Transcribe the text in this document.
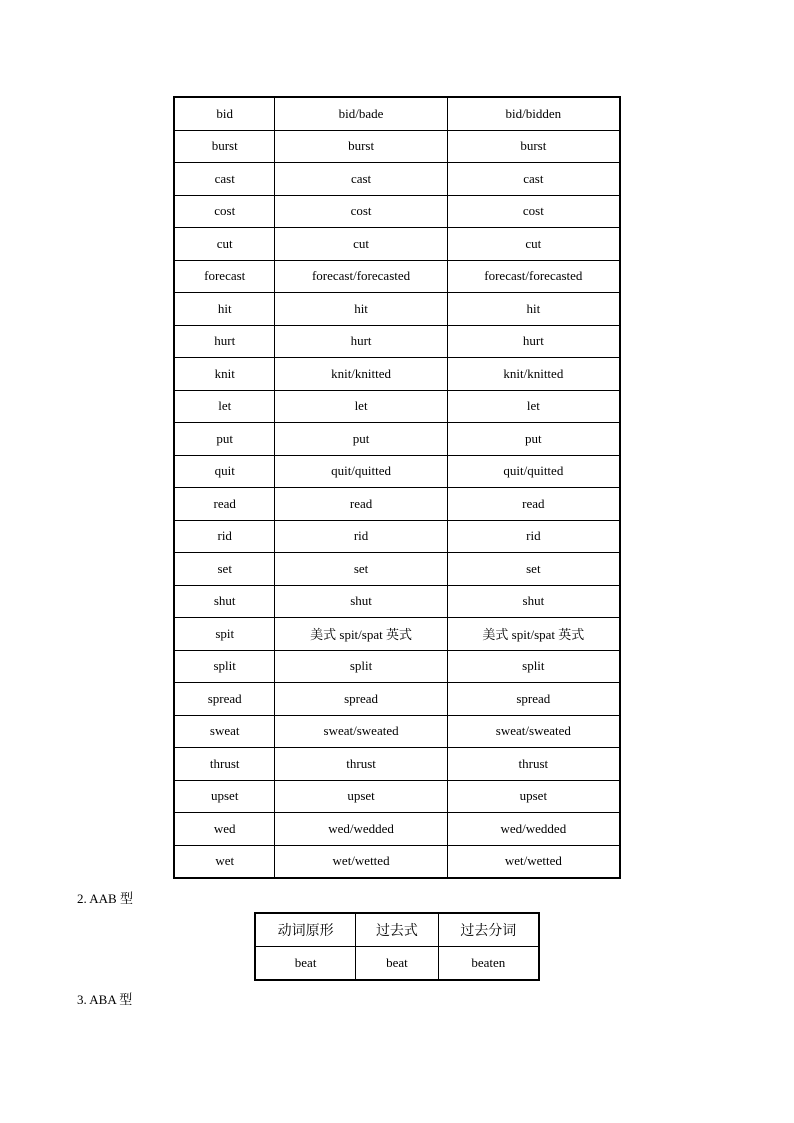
bid	bid/bade	bid/bidden
burst	burst	burst
cast	cast	cast
cost	cost	cost
cut	cut	cut
forecast	forecast/forecasted	forecast/forecasted
hit	hit	hit
hurt	hurt	hurt
knit	knit/knitted	knit/knitted
let	let	let
put	put	put
quit	quit/quitted	quit/quitted
read	read	read
rid	rid	rid
set	set	set
shut	shut	shut
spit	美式 spit/spat 英式	美式 spit/spat 英式
split	split	split
spread	spread	spread
sweat	sweat/sweated	sweat/sweated
thrust	thrust	thrust
upset	upset	upset
wed	wed/wedded	wed/wedded
wet	wet/wetted	wet/wetted
2. AAB 型
动词原形	过去式	过去分词
beat	beat	beaten
3. ABA 型
